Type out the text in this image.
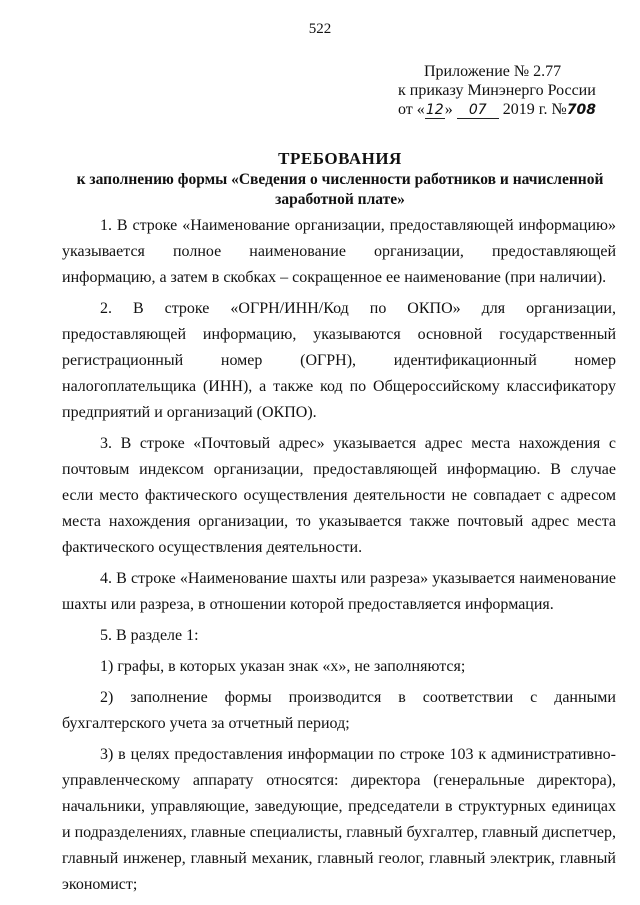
522
Приложение № 2.77
к приказу Минэнерго России
от «12» 07 2019 г. №708
ТРЕБОВАНИЯ
к заполнению формы «Сведения о численности работников и начисленной заработной плате»

1. В строке «Наименование организации, предоставляющей информацию» указывается полное наименование организации, предоставляющей информацию, а затем в скобках – сокращенное ее наименование (при наличии).

2. В строке «ОГРН/ИНН/Код по ОКПО» для организации, предоставляющей информацию, указываются основной государственный регистрационный номер (ОГРН), идентификационный номер налогоплательщика (ИНН), а также код по Общероссийскому классификатору предприятий и организаций (ОКПО).

3. В строке «Почтовый адрес» указывается адрес места нахождения с почтовым индексом организации, предоставляющей информацию. В случае если место фактического осуществления деятельности не совпадает с адресом места нахождения организации, то указывается также почтовый адрес места фактического осуществления деятельности.

4. В строке «Наименование шахты или разреза» указывается наименование шахты или разреза, в отношении которой предоставляется информация.

5. В разделе 1:

1) графы, в которых указан знак «х», не заполняются;

2) заполнение формы производится в соответствии с данными бухгалтерского учета за отчетный период;

3) в целях предоставления информации по строке 103 к административно-управленческому аппарату относятся: директора (генеральные директора), начальники, управляющие, заведующие, председатели в структурных единицах и подразделениях, главные специалисты, главный бухгалтер, главный диспетчер, главный инженер, главный механик, главный геолог, главный электрик, главный экономист;
